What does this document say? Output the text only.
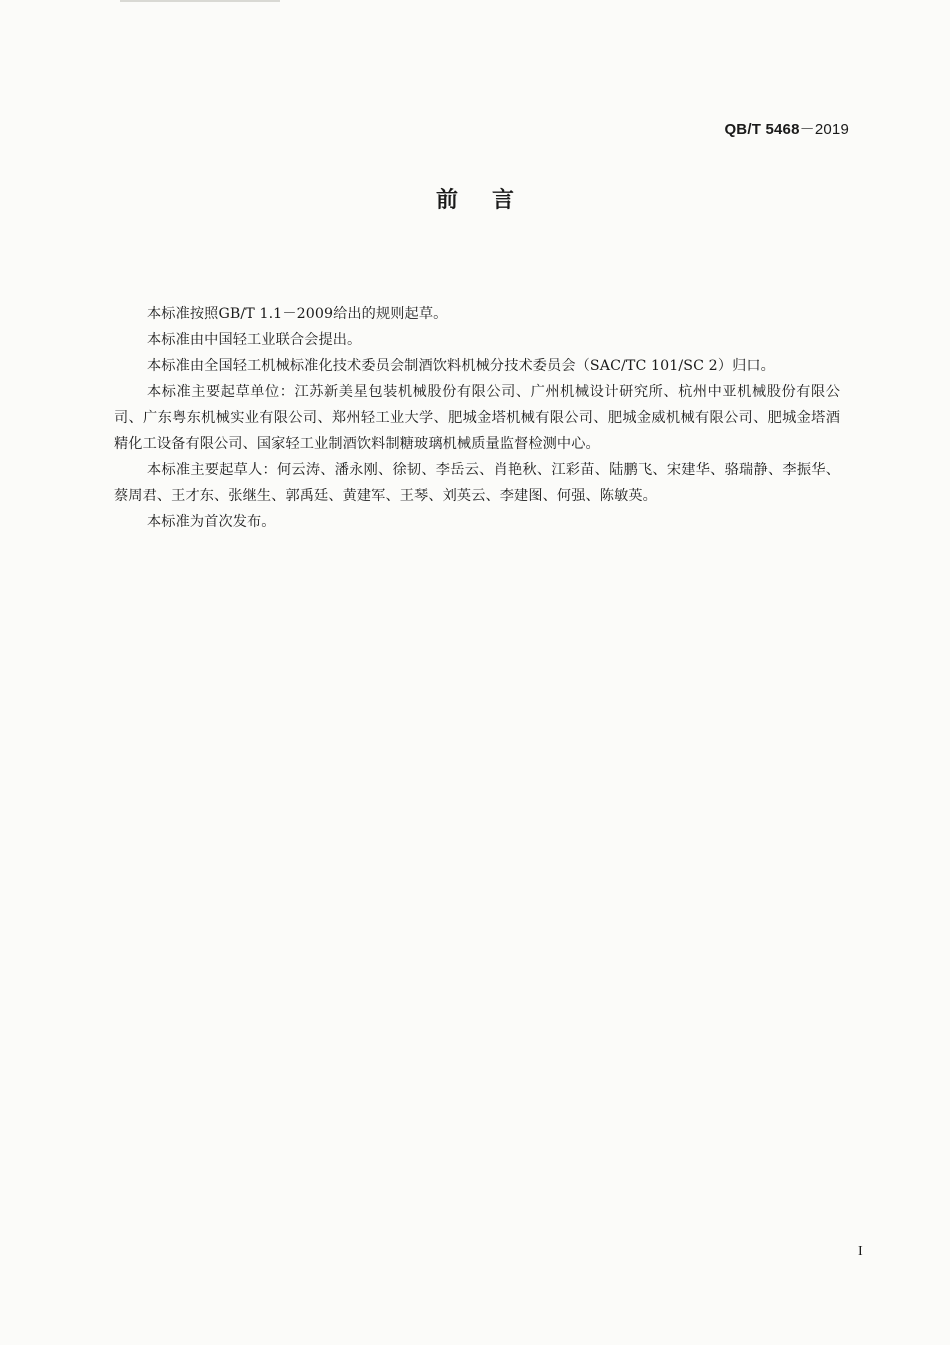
QB/T 5468－2019
前言

本标准按照GB/T 1.1－2009给出的规则起草。

本标准由中国轻工业联合会提出。

本标准由全国轻工机械标准化技术委员会制酒饮料机械分技术委员会（SAC/TC 101/SC 2）归口。

本标准主要起草单位：江苏新美星包装机械股份有限公司、广州机械设计研究所、杭州中亚机械股份有限公司、广东粤东机械实业有限公司、郑州轻工业大学、肥城金塔机械有限公司、肥城金威机械有限公司、肥城金塔酒精化工设备有限公司、国家轻工业制酒饮料制糖玻璃机械质量监督检测中心。

本标准主要起草人：何云涛、潘永刚、徐韧、李岳云、肖艳秋、江彩苗、陆鹏飞、宋建华、骆瑞静、李振华、蔡周君、王才东、张继生、郭禹廷、黄建军、王琴、刘英云、李建图、何强、陈敏英。

本标准为首次发布。

I
